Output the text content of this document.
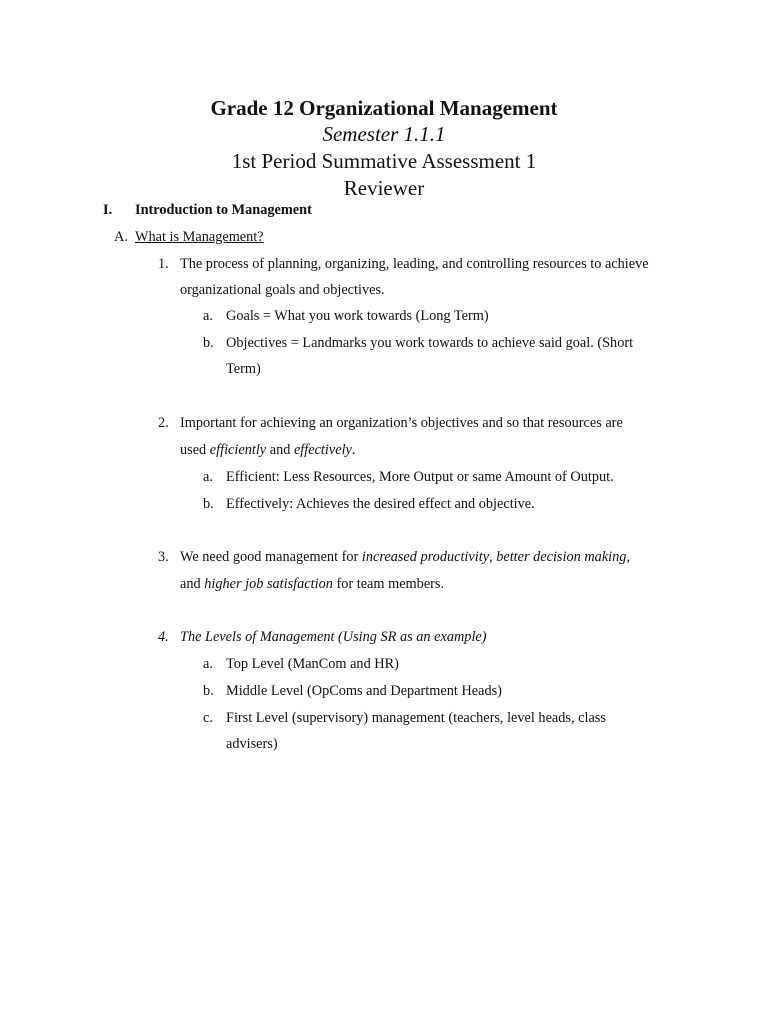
Grade 12 Organizational Management
Semester 1.1.1
1st Period Summative Assessment 1
Reviewer
I. Introduction to Management
A. What is Management?
1. The process of planning, organizing, leading, and controlling resources to achieve
organizational goals and objectives.
a. Goals = What you work towards (Long Term)
b. Objectives = Landmarks you work towards to achieve said goal. (Short
Term)
2. Important for achieving an organization’s objectives and so that resources are
used efficiently and effectively.
a. Efficient: Less Resources, More Output or same Amount of Output.
b. Effectively: Achieves the desired effect and objective.
3. We need good management for increased productivity, better decision making,
and higher job satisfaction for team members.
4. The Levels of Management (Using SR as an example)
a. Top Level (ManCom and HR)
b. Middle Level (OpComs and Department Heads)
c. First Level (supervisory) management (teachers, level heads, class
advisers)
